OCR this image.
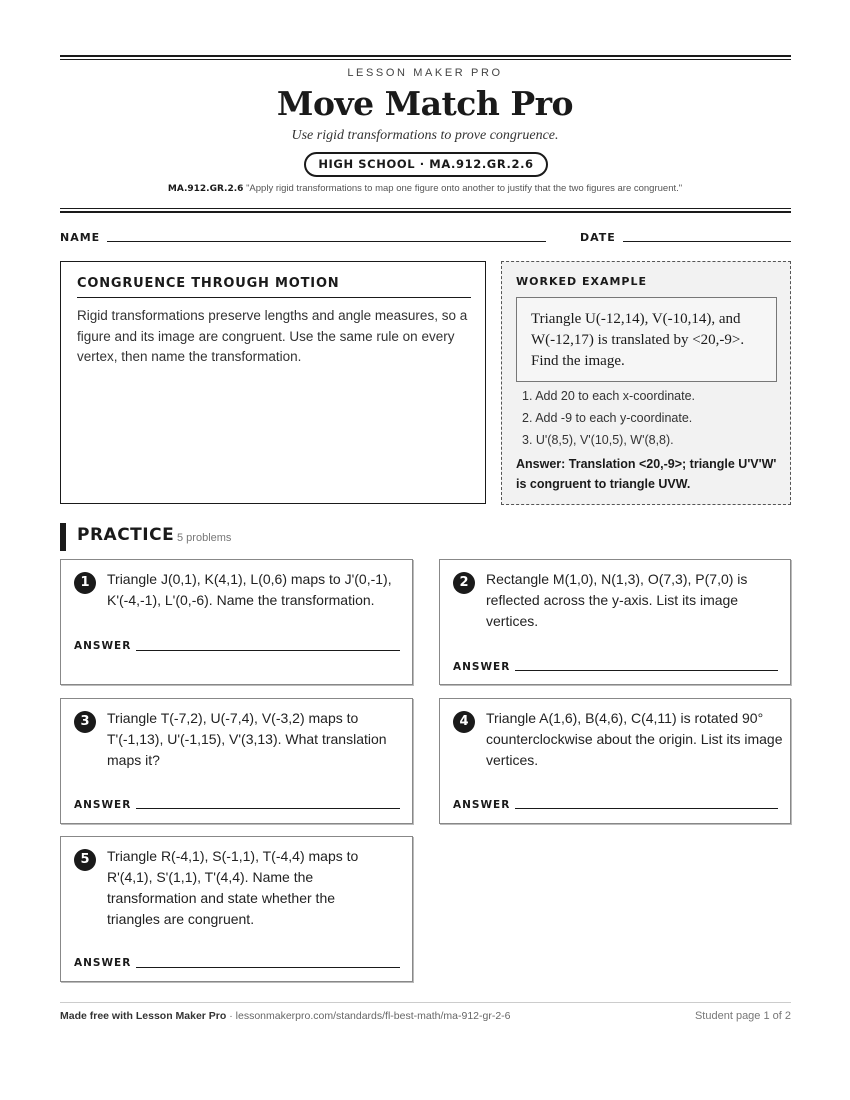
LESSON MAKER PRO
Move Match Pro
Use rigid transformations to prove congruence.
HIGH SCHOOL · MA.912.GR.2.6
MA.912.GR.2.6 "Apply rigid transformations to map one figure onto another to justify that the two figures are congruent."
NAME	DATE
CONGRUENCE THROUGH MOTION
Rigid transformations preserve lengths and angle measures, so a figure and its image are congruent. Use the same rule on every vertex, then name the transformation.
WORKED EXAMPLE
Triangle U(-12,14), V(-10,14), and W(-12,17) is translated by <20,-9>. Find the image.
1. Add 20 to each x-coordinate.
2. Add -9 to each y-coordinate.
3. U'(8,5), V'(10,5), W'(8,8).
Answer: Translation <20,-9>; triangle U'V'W' is congruent to triangle UVW.
PRACTICE 5 problems
1	Triangle J(0,1), K(4,1), L(0,6) maps to J'(0,-1), K'(-4,-1), L'(0,-6). Name the transformation.
ANSWER
2	Rectangle M(1,0), N(1,3), O(7,3), P(7,0) is reflected across the y-axis. List its image vertices.
ANSWER
3	Triangle T(-7,2), U(-7,4), V(-3,2) maps to T'(-1,13), U'(-1,15), V'(3,13). What translation maps it?
ANSWER
4	Triangle A(1,6), B(4,6), C(4,11) is rotated 90° counterclockwise about the origin. List its image vertices.
ANSWER
5	Triangle R(-4,1), S(-1,1), T(-4,4) maps to R'(4,1), S'(1,1), T'(4,4). Name the transformation and state whether the triangles are congruent.
ANSWER
Made free with Lesson Maker Pro · lessonmakerpro.com/standards/fl-best-math/ma-912-gr-2-6	Student page 1 of 2
